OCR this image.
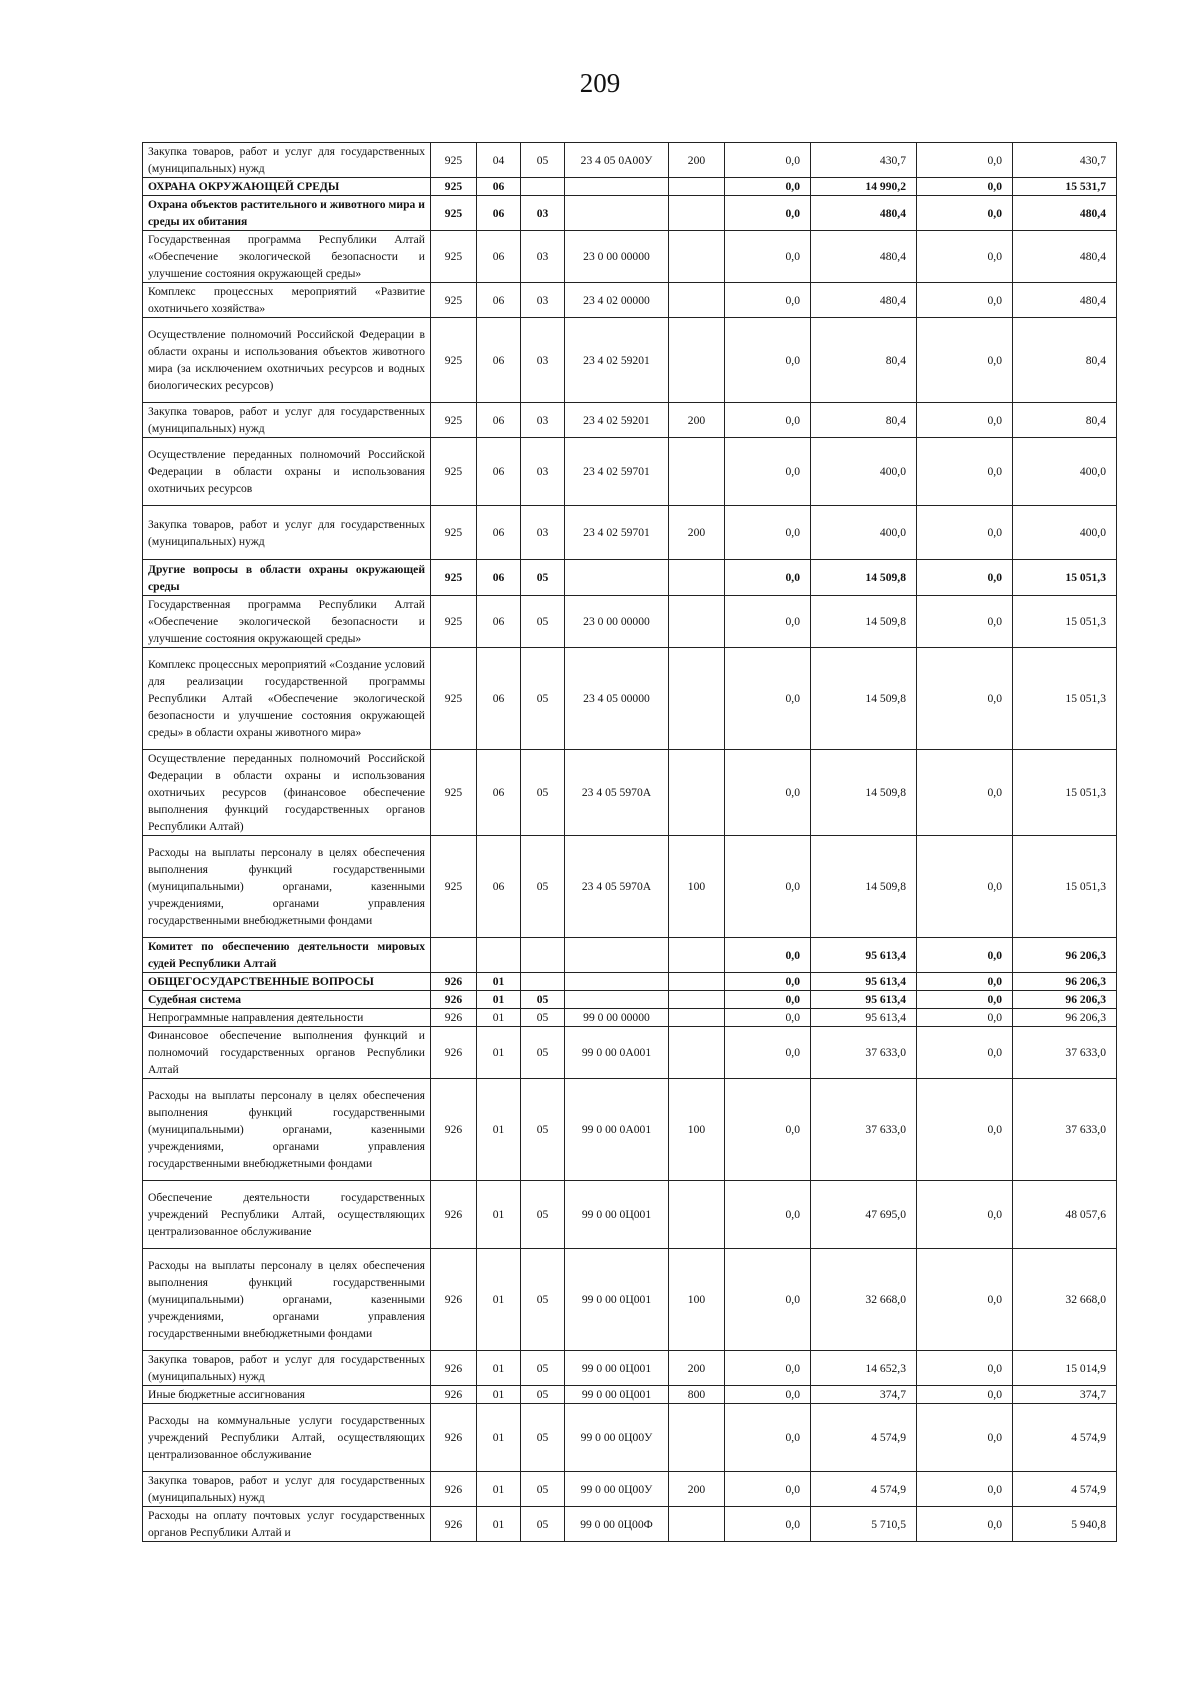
209
Закупка товаров, работ и услуг для государственных (муниципальных) нужд	925	04	05	23 4 05 0А00У	200	0,0	430,7	0,0	430,7
ОХРАНА ОКРУЖАЮЩЕЙ СРЕДЫ	925	06				0,0	14 990,2	0,0	15 531,7
Охрана объектов растительного и животного мира и среды их обитания	925	06	03			0,0	480,4	0,0	480,4
Государственная программа Республики Алтай «Обеспечение экологической безопасности и улучшение состояния окружающей среды»	925	06	03	23 0 00 00000		0,0	480,4	0,0	480,4
Комплекс процессных мероприятий «Развитие охотничьего хозяйства»	925	06	03	23 4 02 00000		0,0	480,4	0,0	480,4
Осуществление полномочий Российской Федерации в области охраны и использования объектов животного мира (за исключением охотничьих ресурсов и водных биологических ресурсов)	925	06	03	23 4 02 59201		0,0	80,4	0,0	80,4
Закупка товаров, работ и услуг для государственных (муниципальных) нужд	925	06	03	23 4 02 59201	200	0,0	80,4	0,0	80,4
Осуществление переданных полномочий Российской Федерации в области охраны и использования охотничьих ресурсов	925	06	03	23 4 02 59701		0,0	400,0	0,0	400,0
Закупка товаров, работ и услуг для государственных (муниципальных) нужд	925	06	03	23 4 02 59701	200	0,0	400,0	0,0	400,0
Другие вопросы в области охраны окружающей среды	925	06	05			0,0	14 509,8	0,0	15 051,3
Государственная программа Республики Алтай «Обеспечение экологической безопасности и улучшение состояния окружающей среды»	925	06	05	23 0 00 00000		0,0	14 509,8	0,0	15 051,3
Комплекс процессных мероприятий «Создание условий для реализации государственной программы Республики Алтай «Обеспечение экологической безопасности и улучшение состояния окружающей среды» в области охраны животного мира»	925	06	05	23 4 05 00000		0,0	14 509,8	0,0	15 051,3
Осуществление переданных полномочий Российской Федерации в области охраны и использования охотничьих ресурсов (финансовое обеспечение выполнения функций государственных органов Республики Алтай)	925	06	05	23 4 05 5970А		0,0	14 509,8	0,0	15 051,3
Расходы на выплаты персоналу в целях обеспечения выполнения функций государственными (муниципальными) органами, казенными учреждениями, органами управления государственными внебюджетными фондами	925	06	05	23 4 05 5970А	100	0,0	14 509,8	0,0	15 051,3
Комитет по обеспечению деятельности мировых судей Республики Алтай						0,0	95 613,4	0,0	96 206,3
ОБЩЕГОСУДАРСТВЕННЫЕ ВОПРОСЫ	926	01				0,0	95 613,4	0,0	96 206,3
Судебная система	926	01	05			0,0	95 613,4	0,0	96 206,3
Непрограммные направления деятельности	926	01	05	99 0 00 00000		0,0	95 613,4	0,0	96 206,3
Финансовое обеспечение выполнения функций и полномочий государственных органов Республики Алтай	926	01	05	99 0 00 0А001		0,0	37 633,0	0,0	37 633,0
Расходы на выплаты персоналу в целях обеспечения выполнения функций государственными (муниципальными) органами, казенными учреждениями, органами управления государственными внебюджетными фондами	926	01	05	99 0 00 0А001	100	0,0	37 633,0	0,0	37 633,0
Обеспечение деятельности государственных учреждений Республики Алтай, осуществляющих централизованное обслуживание	926	01	05	99 0 00 0Ц001		0,0	47 695,0	0,0	48 057,6
Расходы на выплаты персоналу в целях обеспечения выполнения функций государственными (муниципальными) органами, казенными учреждениями, органами управления государственными внебюджетными фондами	926	01	05	99 0 00 0Ц001	100	0,0	32 668,0	0,0	32 668,0
Закупка товаров, работ и услуг для государственных (муниципальных) нужд	926	01	05	99 0 00 0Ц001	200	0,0	14 652,3	0,0	15 014,9
Иные бюджетные ассигнования	926	01	05	99 0 00 0Ц001	800	0,0	374,7	0,0	374,7
Расходы на коммунальные услуги государственных учреждений Республики Алтай, осуществляющих централизованное обслуживание	926	01	05	99 0 00 0Ц00У		0,0	4 574,9	0,0	4 574,9
Закупка товаров, работ и услуг для государственных (муниципальных) нужд	926	01	05	99 0 00 0Ц00У	200	0,0	4 574,9	0,0	4 574,9
Расходы на оплату почтовых услуг государственных органов Республики Алтай и	926	01	05	99 0 00 0Ц00Ф		0,0	5 710,5	0,0	5 940,8
